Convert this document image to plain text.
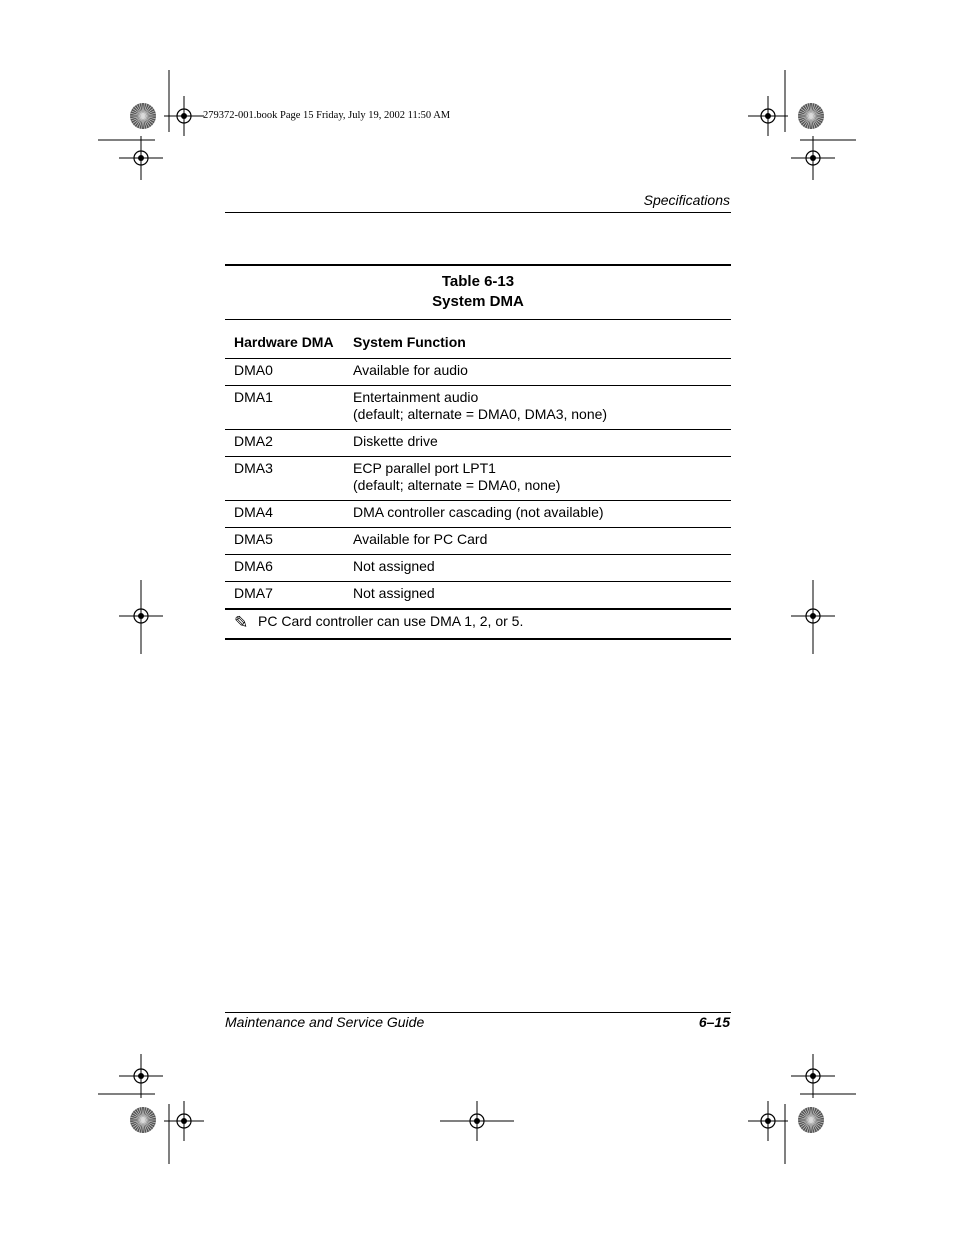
279372-001.book Page 15 Friday, July 19, 2002 11:50 AM
Specifications
Table 6-13
System DMA
Hardware DMA	System Function
DMA0	Available for audio

DMA1	Entertainment audio
(default; alternate = DMA0, DMA3, none)

DMA2	Diskette drive

DMA3	ECP parallel port LPT1
(default; alternate = DMA0, none)

DMA4	DMA controller cascading (not available)

DMA5	Available for PC Card

DMA6	Not assigned

DMA7	Not assigned

✎ PC Card controller can use DMA 1, 2, or 5.	
Maintenance and Service Guide	6–15
